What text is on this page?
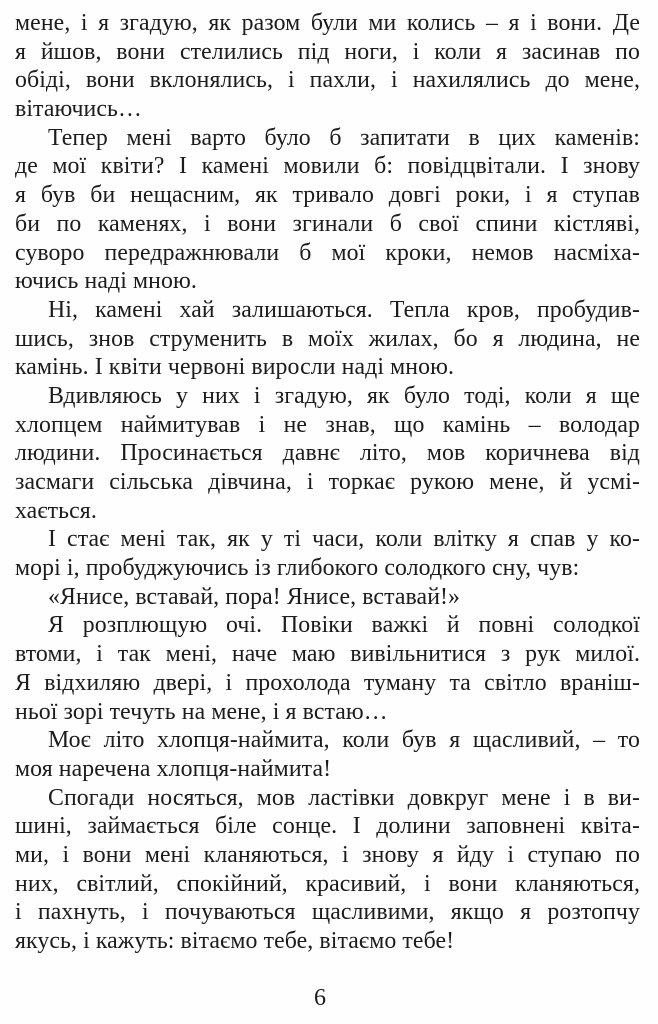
мене, і я згадую, як разом були ми колись – я і вони. Де
я йшов, вони стелились під ноги, і коли я засинав по
обіді, вони вклонялись, і пахли, і нахилялись до мене,
вітаючись…
Тепер мені варто було б запитати в цих каменів:
де мої квіти? І камені мовили б: повідцвітали. І знову
я був би нещасним, як тривало довгі роки, і я ступав
би по каменях, і вони згинали б свої спини кістляві,
суворо передражнювали б мої кроки, немов насміха-
ючись наді мною.
Ні, камені хай залишаються. Тепла кров, пробудив-
шись, знов струменить в моїх жилах, бо я людина, не
камінь. І квіти червоні виросли наді мною.
Вдивляюсь у них і згадую, як було тоді, коли я ще
хлопцем наймитував і не знав, що камінь – володар
людини. Просинається давнє літо, мов коричнева від
засмаги сільська дівчина, і торкає рукою мене, й усмі-
хається.
І стає мені так, як у ті часи, коли влітку я спав у ко-
морі і, пробуджуючись із глибокого солодкого сну, чув:
«Янисе, вставай, пора! Янисе, вставай!»
Я розплющую очі. Повіки важкі й повні солодкої
втоми, і так мені, наче маю вивільнитися з рук милої.
Я відхиляю двері, і прохолода туману та світло враніш-
ньої зорі течуть на мене, і я встаю…
Моє літо хлопця-наймита, коли був я щасливий, – то
моя наречена хлопця-наймита!
Спогади носяться, мов ластівки довкруг мене і в ви-
шині, займається біле сонце. І долини заповнені квіта-
ми, і вони мені кланяються, і знову я йду і ступаю по
них, світлий, спокійний, красивий, і вони кланяються,
і пахнуть, і почуваються щасливими, якщо я розтопчу
якусь, і кажуть: вітаємо тебе, вітаємо тебе!
6
